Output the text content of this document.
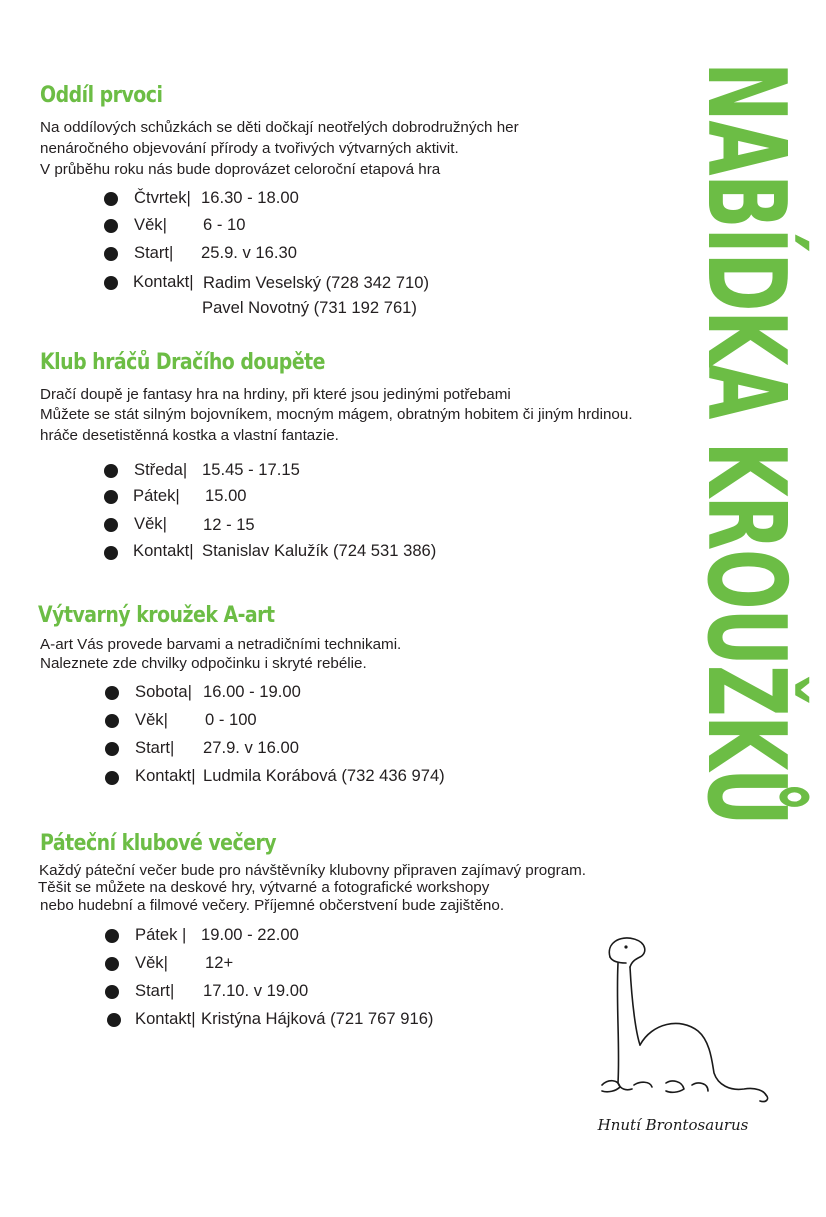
Oddíl prvoci
Na oddílových schůzkách se děti dočkají neotřelých dobrodružných her
nenáročného objevování přírody a tvořivých výtvarných aktivit.
V průběhu roku nás bude doprovázet celoroční etapová hra
Čtvrtek| 16.30 - 18.00
Věk| 6 - 10
Start| 25.9. v 16.30
Kontakt| Radim Veselský (728 342 710)
Pavel Novotný (731 192 761)
Klub hráčů Dračího doupěte
Dračí doupě je fantasy hra na hrdiny, při které jsou jedinými potřebami
Můžete se stát silným bojovníkem, mocným mágem, obratným hobitem či jiným hrdinou.
hráče desetistěnná kostka a vlastní fantazie.
Středa| 15.45 - 17.15
Pátek| 15.00
Věk| 12 - 15
Kontakt| Stanislav Kalužík (724 531 386)
Výtvarný kroužek A-art
A-art Vás provede barvami a netradičními technikami.
Naleznete zde chvilky odpočinku i skryté rebélie.
Sobota| 16.00 - 19.00
Věk| 0 - 100
Start| 27.9. v 16.00
Kontakt| Ludmila Korábová (732 436 974)
Páteční klubové večery
Každý páteční večer bude pro návštěvníky klubovny připraven zajímavý program.
Těšit se můžete na deskové hry, výtvarné a fotografické workshopy
nebo hudební a filmové večery. Příjemné občerstvení bude zajištěno.
Pátek | 19.00 - 22.00
Věk| 12+
Start| 17.10. v 19.00
Kontakt| Kristýna Hájková (721 767 916)
NABÍDKA KROUŽKŮ
Hnutí Brontosaurus
